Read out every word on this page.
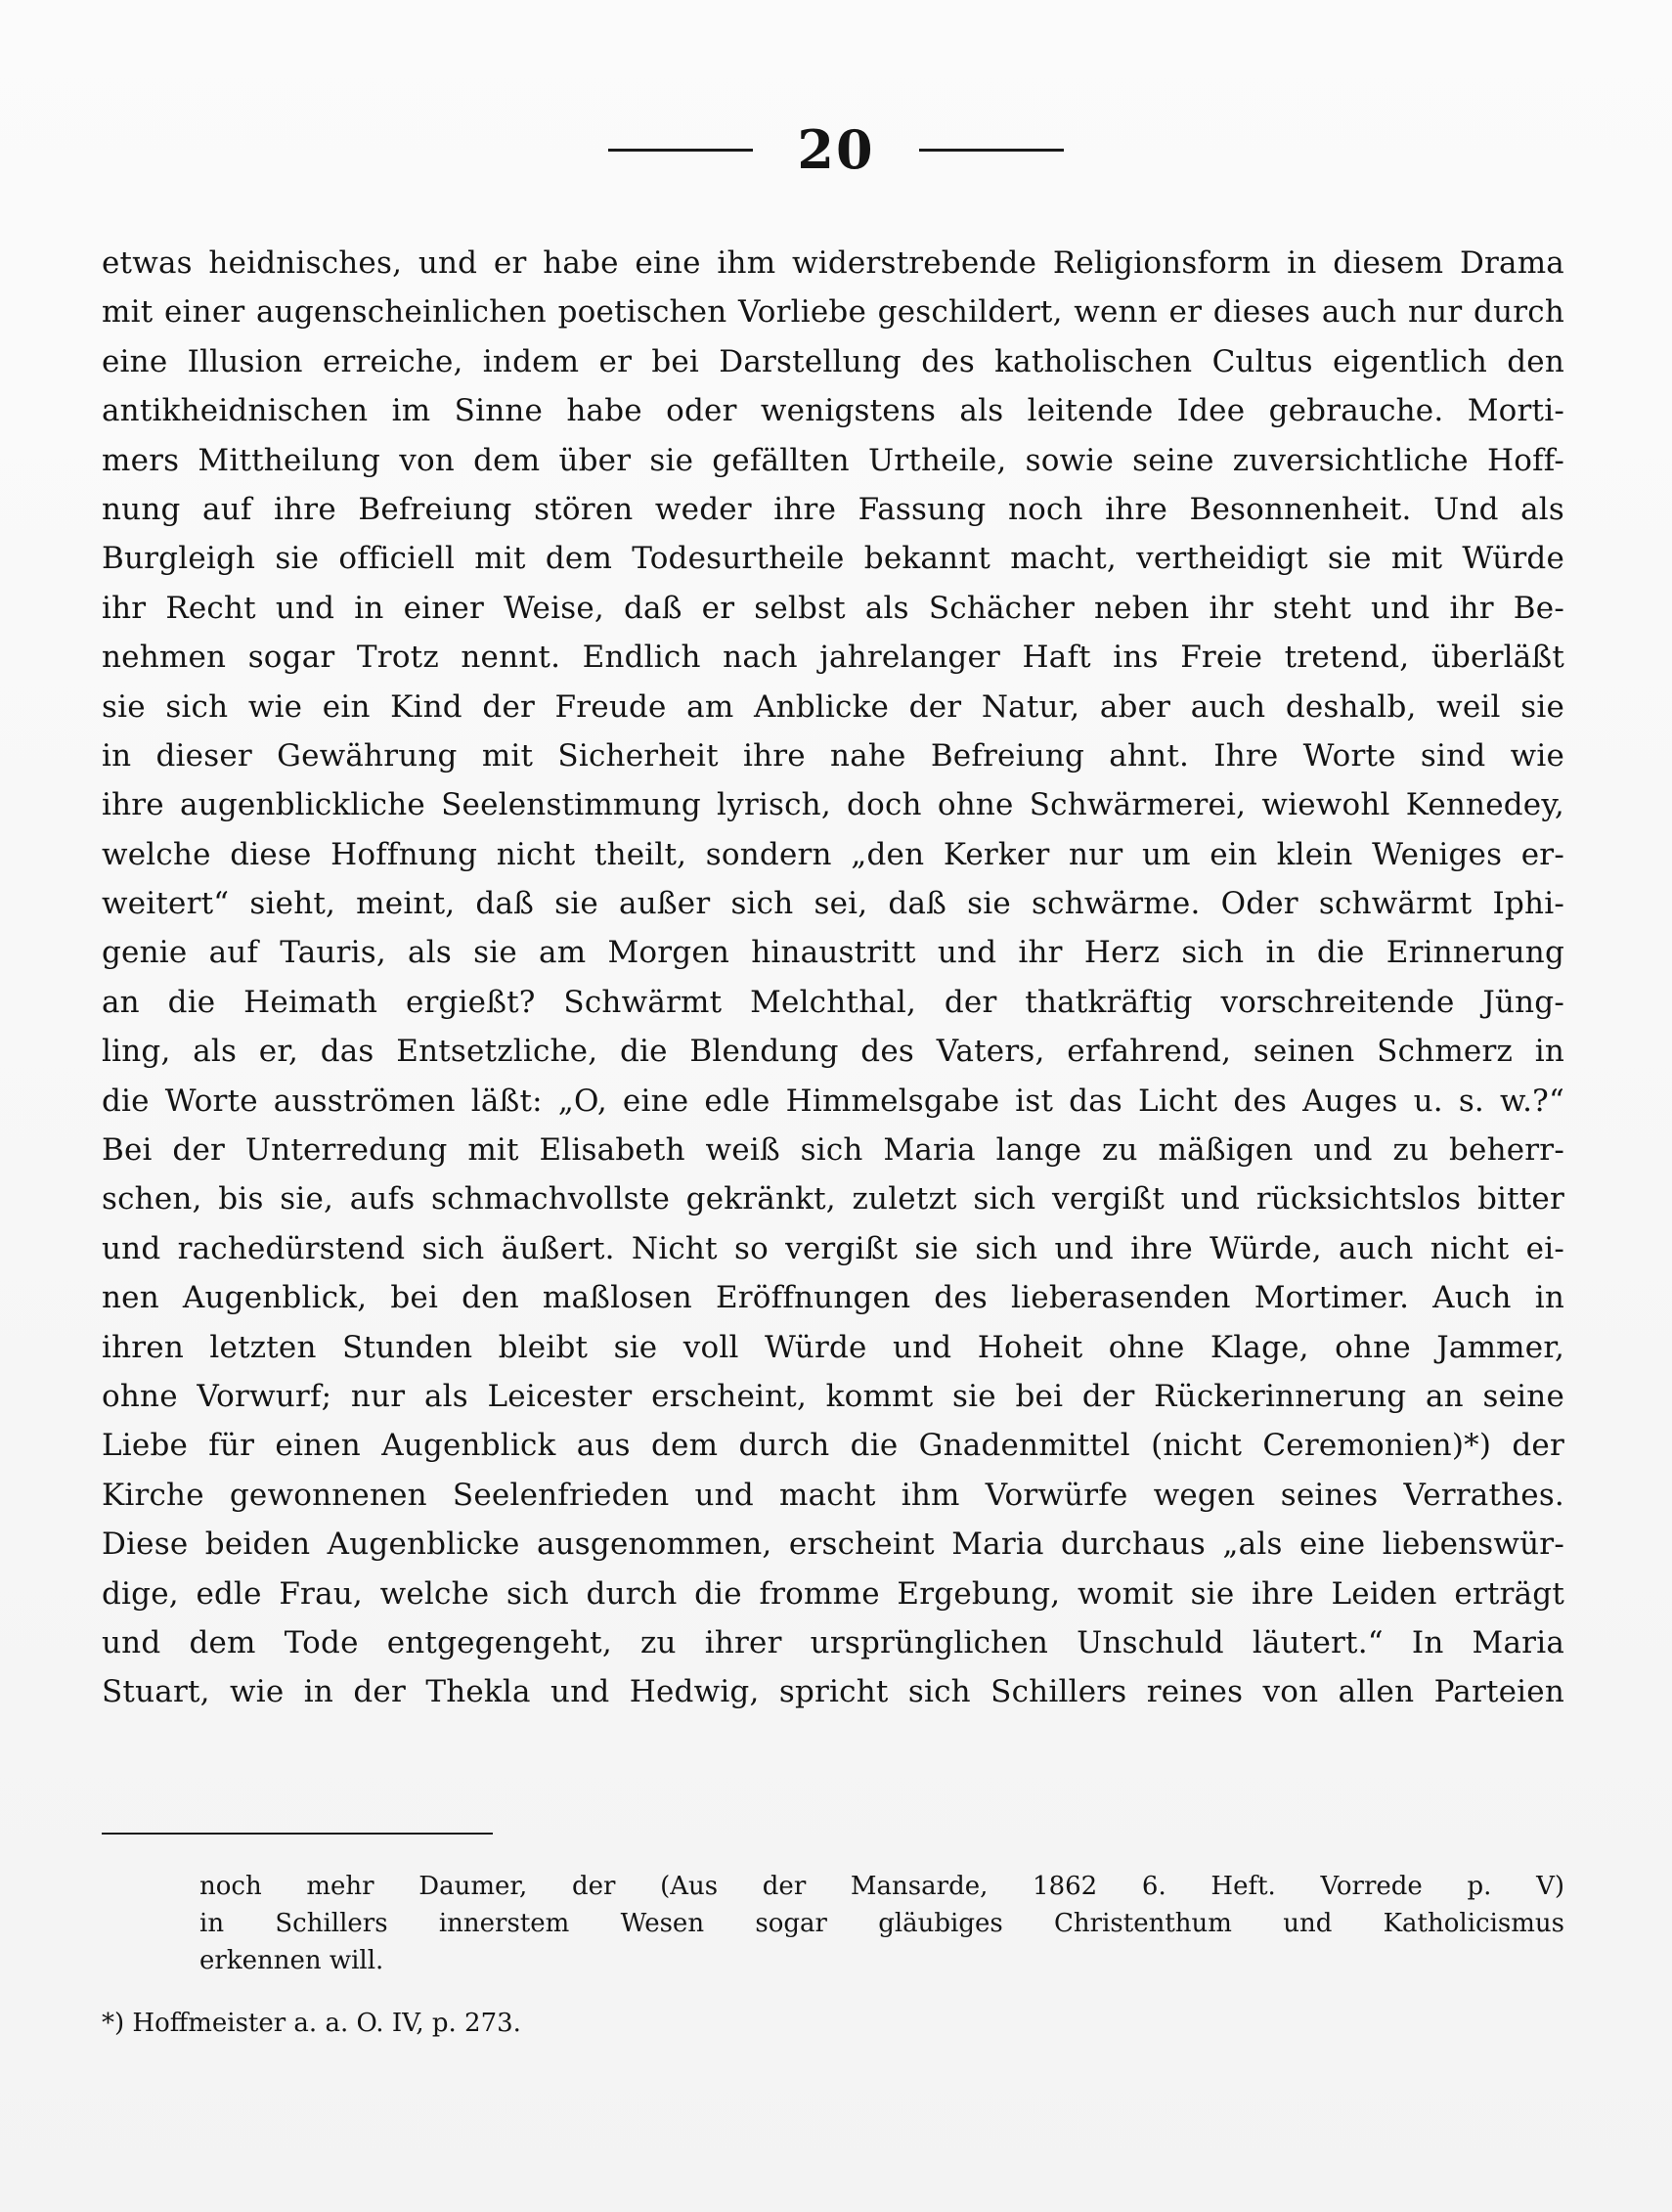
20
etwas heidnisches, und er habe eine ihm widerstrebende Religionsform in diesem Drama
mit einer augenscheinlichen poetischen Vorliebe geschildert, wenn er dieses auch nur durch
eine Illusion erreiche, indem er bei Darstellung des katholischen Cultus eigentlich den
antikheidnischen im Sinne habe oder wenigstens als leitende Idee gebrauche. Morti-
mers Mittheilung von dem über sie gefällten Urtheile, sowie seine zuversichtliche Hoff-
nung auf ihre Befreiung stören weder ihre Fassung noch ihre Besonnenheit. Und als
Burgleigh sie officiell mit dem Todesurtheile bekannt macht, vertheidigt sie mit Würde
ihr Recht und in einer Weise, daß er selbst als Schächer neben ihr steht und ihr Be-
nehmen sogar Trotz nennt. Endlich nach jahrelanger Haft ins Freie tretend, überläßt
sie sich wie ein Kind der Freude am Anblicke der Natur, aber auch deshalb, weil sie
in dieser Gewährung mit Sicherheit ihre nahe Befreiung ahnt. Ihre Worte sind wie
ihre augenblickliche Seelenstimmung lyrisch, doch ohne Schwärmerei, wiewohl Kennedey,
welche diese Hoffnung nicht theilt, sondern „den Kerker nur um ein klein Weniges er-
weitert“ sieht, meint, daß sie außer sich sei, daß sie schwärme. Oder schwärmt Iphi-
genie auf Tauris, als sie am Morgen hinaustritt und ihr Herz sich in die Erinnerung
an die Heimath ergießt? Schwärmt Melchthal, der thatkräftig vorschreitende Jüng-
ling, als er, das Entsetzliche, die Blendung des Vaters, erfahrend, seinen Schmerz in
die Worte ausströmen läßt: „O, eine edle Himmelsgabe ist das Licht des Auges u. s. w.?“
Bei der Unterredung mit Elisabeth weiß sich Maria lange zu mäßigen und zu beherr-
schen, bis sie, aufs schmachvollste gekränkt, zuletzt sich vergißt und rücksichtslos bitter
und rachedürstend sich äußert. Nicht so vergißt sie sich und ihre Würde, auch nicht ei-
nen Augenblick, bei den maßlosen Eröffnungen des lieberasenden Mortimer. Auch in
ihren letzten Stunden bleibt sie voll Würde und Hoheit ohne Klage, ohne Jammer,
ohne Vorwurf; nur als Leicester erscheint, kommt sie bei der Rückerinnerung an seine
Liebe für einen Augenblick aus dem durch die Gnadenmittel (nicht Ceremonien)*) der
Kirche gewonnenen Seelenfrieden und macht ihm Vorwürfe wegen seines Verrathes.
Diese beiden Augenblicke ausgenommen, erscheint Maria durchaus „als eine liebenswür-
dige, edle Frau, welche sich durch die fromme Ergebung, womit sie ihre Leiden erträgt
und dem Tode entgegengeht, zu ihrer ursprünglichen Unschuld läutert.“ In Maria
Stuart, wie in der Thekla und Hedwig, spricht sich Schillers reines von allen Parteien
noch mehr Daumer, der (Aus der Mansarde, 1862 6. Heft. Vorrede p. V)
in Schillers innerstem Wesen sogar gläubiges Christenthum und Katholicismus
erkennen will.
*) Hoffmeister a. a. O. IV, p. 273.
